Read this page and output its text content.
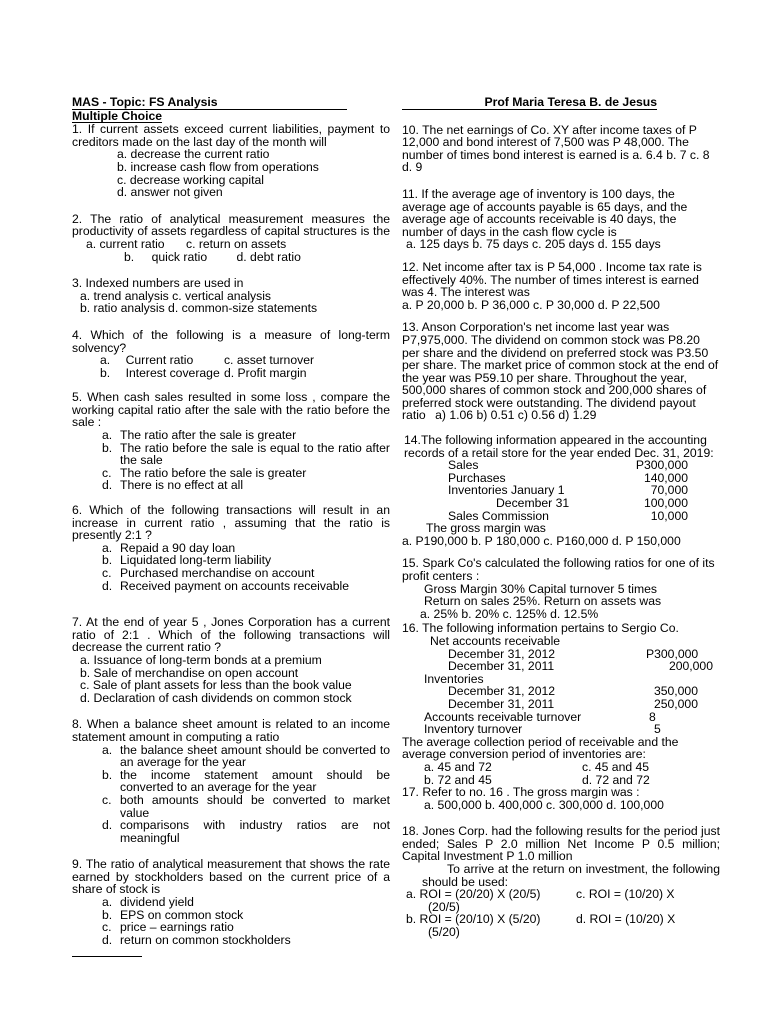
MAS - Topic: FS Analysis
Multiple Choice
1. If current assets exceed current liabilities, payment to creditors made on the last day of the month will
a. decrease the current ratio
b. increase cash flow from operations
c. decrease working capital
d. answer not given
2. The ratio of analytical measurement measures the productivity of assets regardless of capital structures is the a. current ratio c. return on assets
b. quick ratio d. debt ratio
3. Indexed numbers are used in
a. trend analysis c. vertical analysis
b. ratio analysis d. common-size statements
4. Which of the following is a measure of long-term solvency?
a. Current ratio	c. asset turnover
b. Interest coverage d. Profit margin
5. When cash sales resulted in some loss , compare the working capital ratio after the sale with the ratio before the sale :
a. The ratio after the sale is greater
b. The ratio before the sale is equal to the ratio after the sale
c. The ratio before the sale is greater
d. There is no effect at all
6. Which of the following transactions will result in an increase in current ratio , assuming that the ratio is presently 2:1 ?
a. Repaid a 90 day loan
b. Liquidated long-term liability
c. Purchased merchandise on account
d. Received payment on accounts receivable
7. At the end of year 5 , Jones Corporation has a current ratio of 2:1 . Which of the following transactions will decrease the current ratio ?
a. Issuance of long-term bonds at a premium
b. Sale of merchandise on open account
c. Sale of plant assets for less than the book value
d. Declaration of cash dividends on common stock
8. When a balance sheet amount is related to an income statement amount in computing a ratio
a. the balance sheet amount should be converted to an average for the year
b. the income statement amount should be converted to an average for the year
c. both amounts should be converted to market value
d. comparisons with industry ratios are not meaningful
9. The ratio of analytical measurement that shows the rate earned by stockholders based on the current price of a share of stock is
a. dividend yield
b. EPS on common stock
c. price – earnings ratio
d. return on common stockholders
Prof Maria Teresa B. de Jesus
10. The net earnings of Co. XY after income taxes of P 12,000 and bond interest of 7,500 was P 48,000. The number of times bond interest is earned is a. 6.4 b. 7 c. 8 d. 9
11. If the average age of inventory is 100 days, the average age of accounts payable is 65 days, and the average age of accounts receivable is 40 days, the number of days in the cash flow cycle is
a. 125 days b. 75 days c. 205 days d. 155 days
12. Net income after tax is P 54,000 . Income tax rate is effectively 40%. The number of times interest is earned was 4. The interest was
a. P 20,000 b. P 36,000 c. P 30,000 d. P 22,500
13. Anson Corporation's net income last year was P7,975,000. The dividend on common stock was P8.20 per share and the dividend on preferred stock was P3.50 per share. The market price of common stock at the end of the year was P59.10 per share. Throughout the year, 500,000 shares of common stock and 200,000 shares of preferred stock were outstanding. The dividend payout ratio a) 1.06 b) 0.51 c) 0.56 d) 1.29
14.The following information appeared in the accounting records of a retail store for the year ended Dec. 31, 2019:
Sales	P300,000
Purchases	140,000
Inventories January 1	70,000
December 31	100,000
Sales Commission	10,000
The gross margin was
a. P190,000 b. P 180,000 c. P160,000 d. P 150,000
15. Spark Co's calculated the following ratios for one of its profit centers :
Gross Margin 30% Capital turnover 5 times
Return on sales 25%. Return on assets was
a. 25% b. 20% c. 125% d. 12.5%
16. The following information pertains to Sergio Co.
Net accounts receivable
December 31, 2012	P300,000
December 31, 2011	200,000
Inventories
December 31, 2012	350,000
December 31, 2011	250,000
Accounts receivable turnover	8
Inventory turnover	5
The average collection period of receivable and the average conversion period of inventories are:
a. 45 and 72	c. 45 and 45
b. 72 and 45	d. 72 and 72
17. Refer to no. 16 . The gross margin was :
a. 500,000 b. 400,000 c. 300,000 d. 100,000
18. Jones Corp. had the following results for the period just ended; Sales P 2.0 million Net Income P 0.5 million; Capital Investment P 1.0 million
To arrive at the return on investment, the following should be used:
a. ROI = (20/20) X (20/5)	c. ROI = (10/20) X
(20/5)
b. ROI = (20/10) X (5/20)	d. ROI = (10/20) X
(5/20)
